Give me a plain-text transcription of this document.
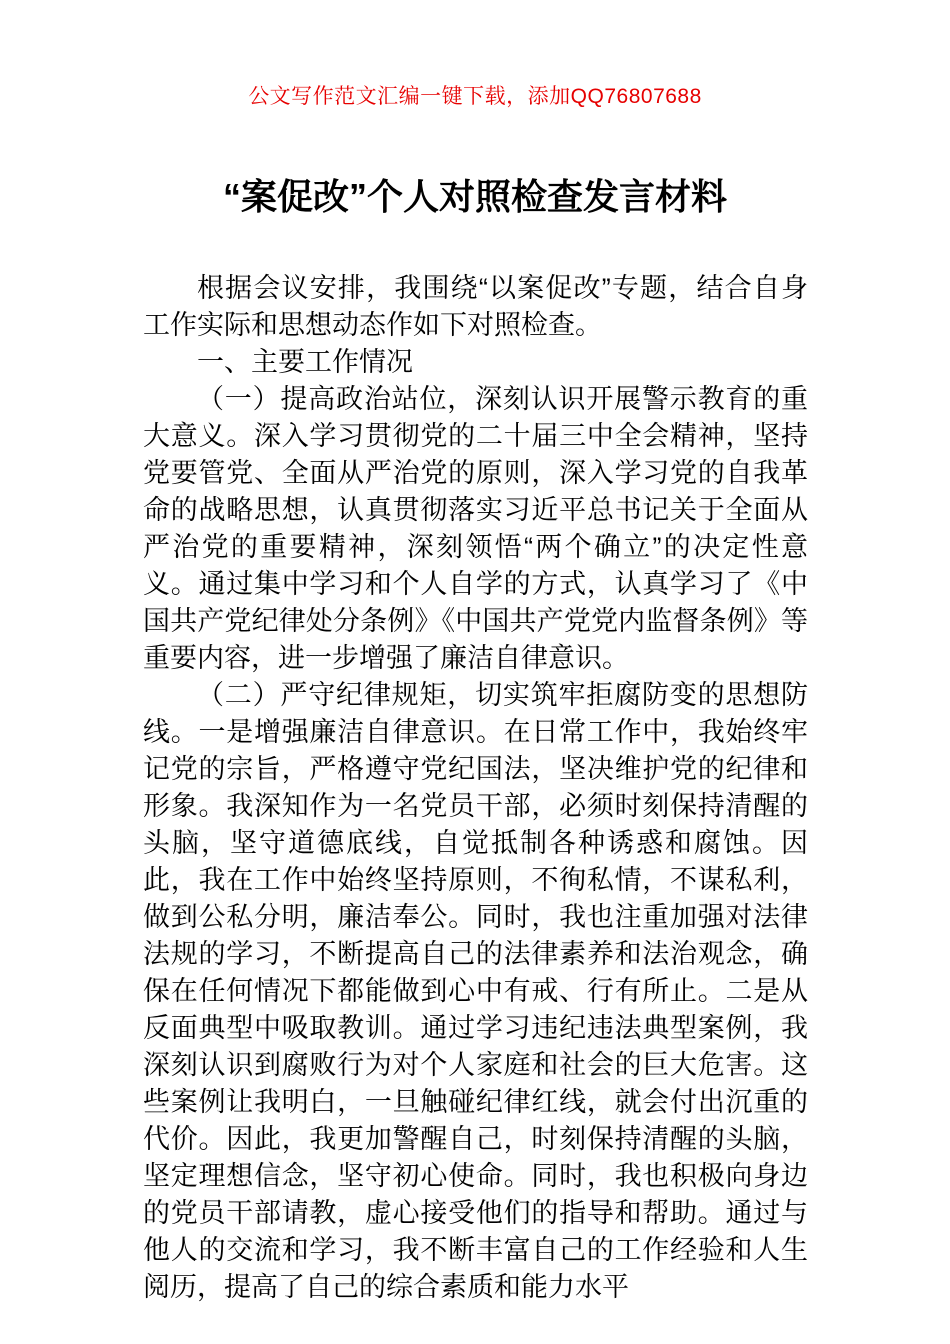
公文写作范文汇编一键下载，添加QQ76807688
“案促改”个人对照检查发言材料

根据会议安排，我围绕“以案促改”专题，结合自身工作实际和思想动态作如下对照检查。

一、主要工作情况

（一）提高政治站位，深刻认识开展警示教育的重大意义。深入学习贯彻党的二十届三中全会精神，坚持党要管党、全面从严治党的原则，深入学习党的自我革命的战略思想，认真贯彻落实习近平总书记关于全面从严治党的重要精神，深刻领悟“两个确立”的决定性意义。通过集中学习和个人自学的方式，认真学习了《中国共产党纪律处分条例》《中国共产党党内监督条例》等重要内容，进一步增强了廉洁自律意识。

（二）严守纪律规矩，切实筑牢拒腐防变的思想防线。一是增强廉洁自律意识。在日常工作中，我始终牢记党的宗旨，严格遵守党纪国法，坚决维护党的纪律和形象。我深知作为一名党员干部，必须时刻保持清醒的头脑，坚守道德底线，自觉抵制各种诱惑和腐蚀。因此，我在工作中始终坚持原则，不徇私情，不谋私利，做到公私分明，廉洁奉公。同时，我也注重加强对法律法规的学习，不断提高自己的法律素养和法治观念，确保在任何情况下都能做到心中有戒、行有所止。二是从反面典型中吸取教训。通过学习违纪违法典型案例，我深刻认识到腐败行为对个人家庭和社会的巨大危害。这些案例让我明白，一旦触碰纪律红线，就会付出沉重的代价。因此，我更加警醒自己，时刻保持清醒的头脑，坚定理想信念，坚守初心使命。同时，我也积极向身边的党员干部请教，虚心接受他们的指导和帮助。通过与他人的交流和学习，我不断丰富自己的工作经验和人生阅历，提高了自己的综合素质和能力水平
